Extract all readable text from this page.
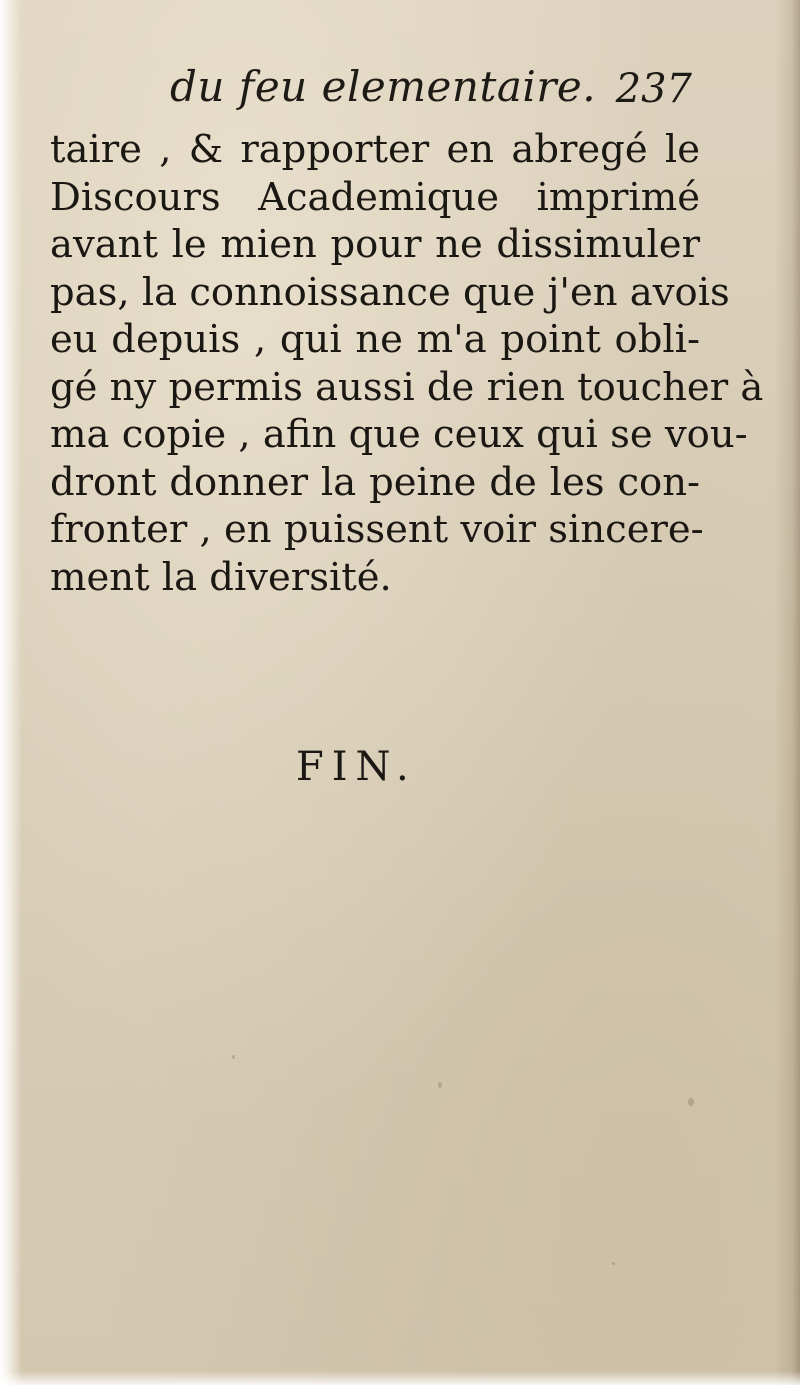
du feu elementaire. 237
taire , & rapporter en abregé le
Discours Academique imprimé
avant le mien pour ne dissimuler
pas, la connoissance que j'en avois
eu depuis , qui ne m'a point obli-
gé ny permis aussi de rien toucher à
ma copie , afin que ceux qui se vou-
dront donner la peine de les con-
fronter , en puissent voir sincere-
ment la diversité.
FIN.
